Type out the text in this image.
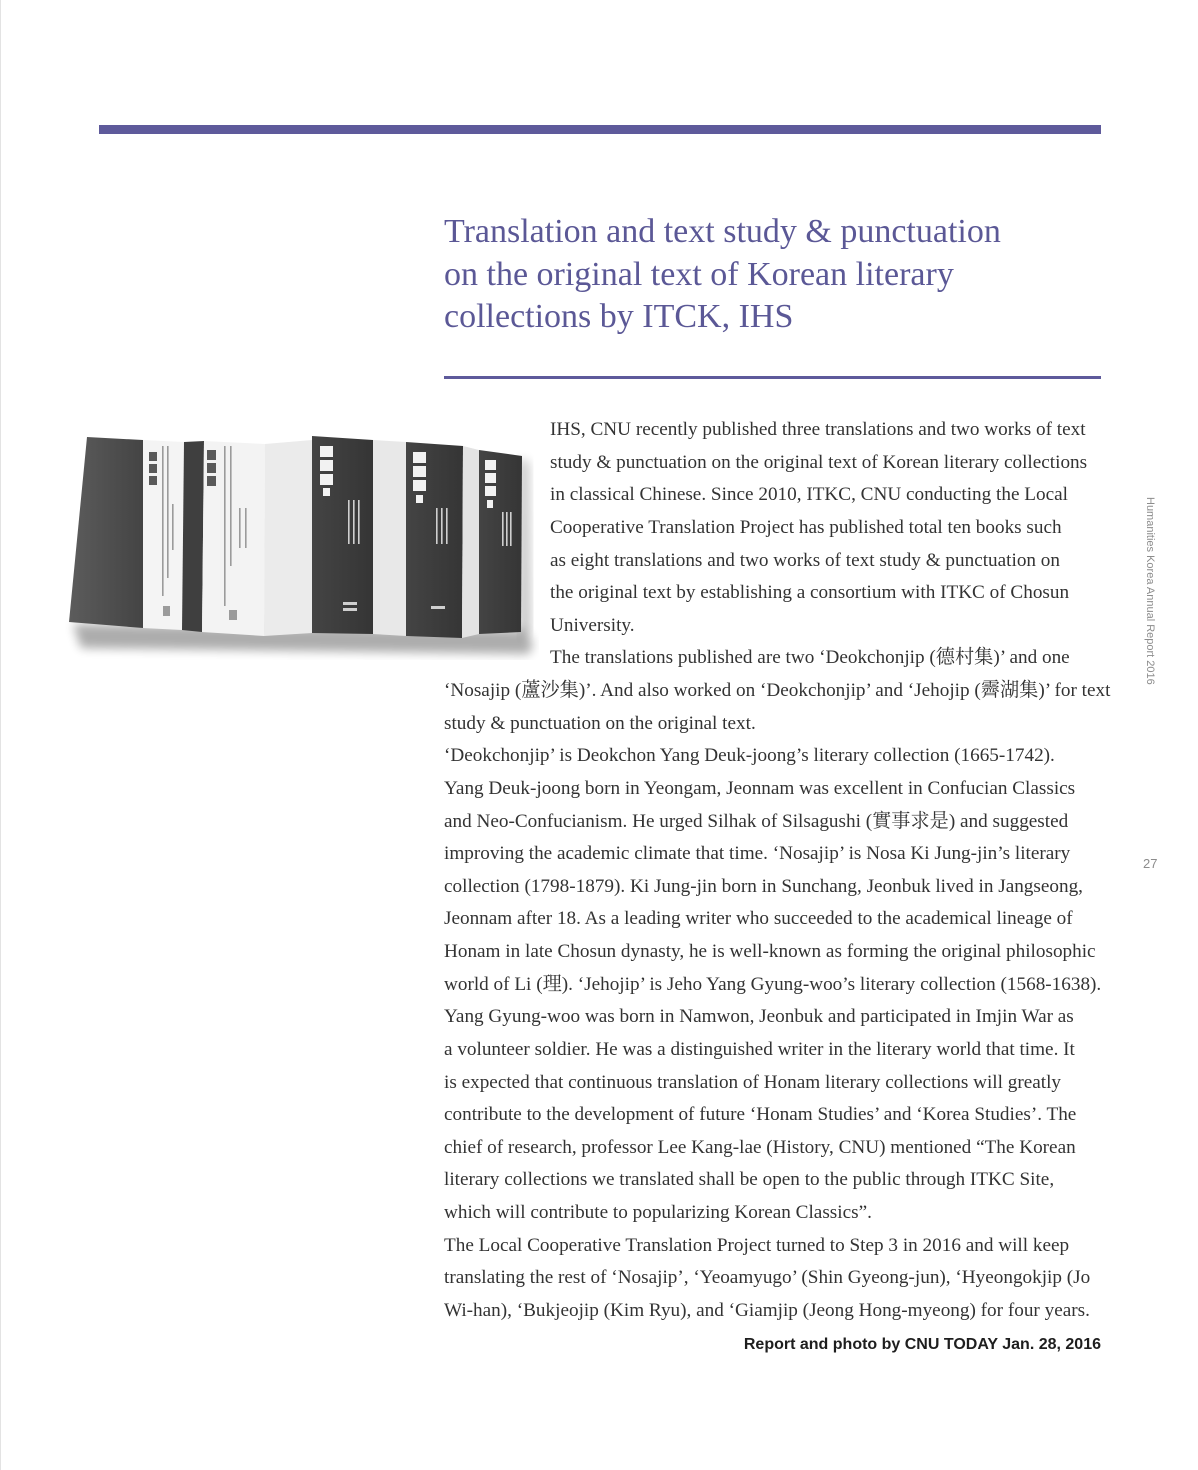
Translation and text study & punctuation
on the original text of Korean literary
collections by ITCK, IHS
IHS, CNU recently published three translations and two works of text
study & punctuation on the original text of Korean literary collections
in classical Chinese. Since 2010, ITKC, CNU conducting the Local
Cooperative Translation Project has published total ten books such
as eight translations and two works of text study & punctuation on
the original text by establishing a consortium with ITKC of Chosun
University.
The translations published are two ‘Deokchonjip (德村集)’ and one
‘Nosajip (蘆沙集)’. And also worked on ‘Deokchonjip’ and ‘Jehojip (霽湖集)’ for text
study & punctuation on the original text.
‘Deokchonjip’ is Deokchon Yang Deuk-joong’s literary collection (1665-1742).
Yang Deuk-joong born in Yeongam, Jeonnam was excellent in Confucian Classics
and Neo-Confucianism. He urged Silhak of Silsagushi (實事求是) and suggested
improving the academic climate that time. ‘Nosajip’ is Nosa Ki Jung-jin’s literary
collection (1798-1879). Ki Jung-jin born in Sunchang, Jeonbuk lived in Jangseong,
Jeonnam after 18. As a leading writer who succeeded to the academical lineage of
Honam in late Chosun dynasty, he is well-known as forming the original philosophic
world of Li (理). ‘Jehojip’ is Jeho Yang Gyung-woo’s literary collection (1568-1638).
Yang Gyung-woo was born in Namwon, Jeonbuk and participated in Imjin War as
a volunteer soldier. He was a distinguished writer in the literary world that time. It
is expected that continuous translation of Honam literary collections will greatly
contribute to the development of future ‘Honam Studies’ and ‘Korea Studies’. The
chief of research, professor Lee Kang-lae (History, CNU) mentioned “The Korean
literary collections we translated shall be open to the public through ITKC Site,
which will contribute to popularizing Korean Classics”.
The Local Cooperative Translation Project turned to Step 3 in 2016 and will keep
translating the rest of ‘Nosajip’, ‘Yeoamyugo’ (Shin Gyeong-jun), ‘Hyeongokjip (Jo
Wi-han), ‘Bukjeojip (Kim Ryu), and ‘Giamjip (Jeong Hong-myeong) for four years.
Report and photo by CNU TODAY Jan. 28, 2016
Humanities Korea Annual Report 2016
27
